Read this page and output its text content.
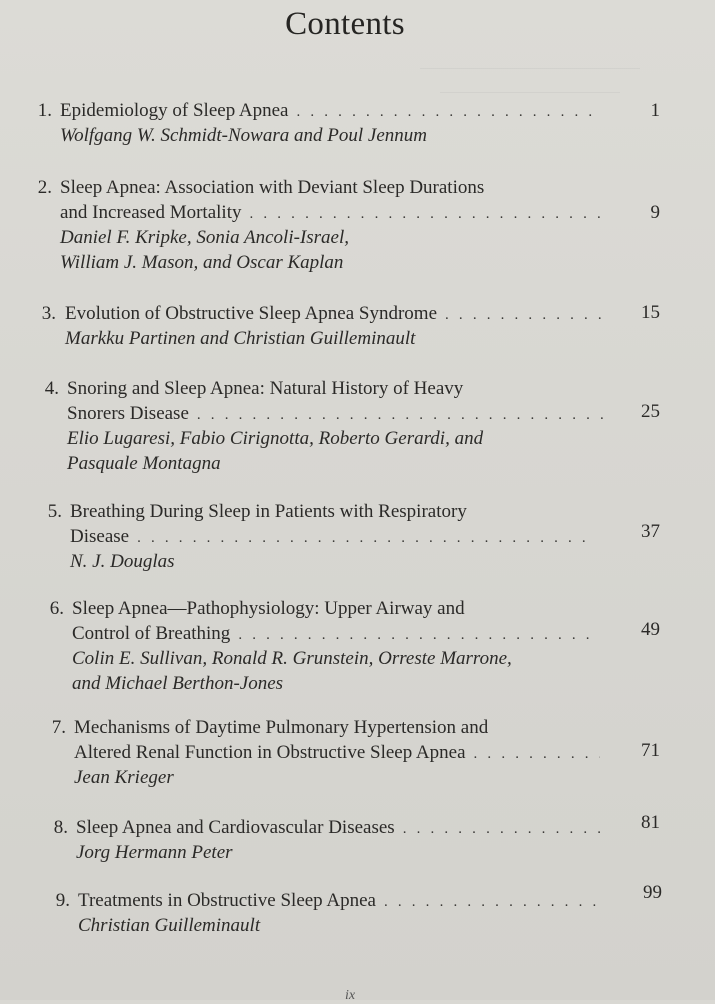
Contents
1. Epidemiology of Sleep Apnea
. . .
Wolfgang W. Schmidt-Nowara and Poul Jennum
1
2. Sleep Apnea: Association with Deviant Sleep Durations
and Increased Mortality
. . .
Daniel F. Kripke, Sonia Ancoli-Israel,
William J. Mason, and Oscar Kaplan
9
3. Evolution of Obstructive Sleep Apnea Syndrome
. . .
Markku Partinen and Christian Guilleminault
15
4. Snoring and Sleep Apnea: Natural History of Heavy
Snorers Disease
. . .
Elio Lugaresi, Fabio Cirignotta, Roberto Gerardi, and
Pasquale Montagna
25
5. Breathing During Sleep in Patients with Respiratory
Disease
. . .
N. J. Douglas
37
6. Sleep Apnea—Pathophysiology: Upper Airway and
Control of Breathing
. . .
Colin E. Sullivan, Ronald R. Grunstein, Orreste Marrone,
and Michael Berthon-Jones
49
7. Mechanisms of Daytime Pulmonary Hypertension and
Altered Renal Function in Obstructive Sleep Apnea
. . .
Jean Krieger
71
8. Sleep Apnea and Cardiovascular Diseases
. . .
Jorg Hermann Peter
81
9. Treatments in Obstructive Sleep Apnea
. . .
Christian Guilleminault
99
ix
